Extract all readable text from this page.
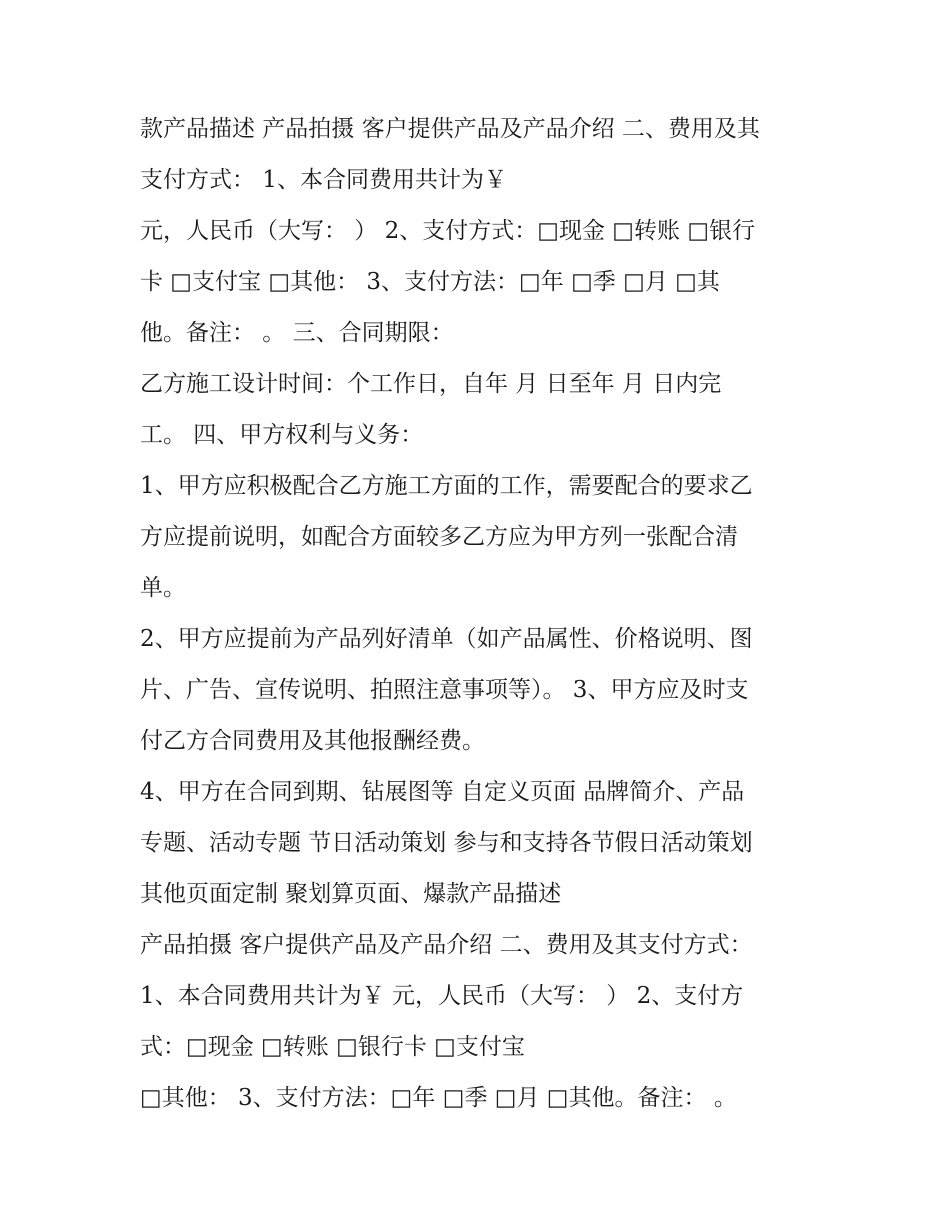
款产品描述 产品拍摄 客户提供产品及产品介绍 二、费用及其
支付方式： 1、本合同费用共计为￥
元，人民币（大写： ） 2、支付方式：□现金 □转账 □银行
卡 □支付宝 □其他： 3、支付方法：□年 □季 □月 □其
他。备注： 。 三、合同期限：
乙方施工设计时间：个工作日，自年 月 日至年 月 日内完
工。 四、甲方权利与义务：
1、甲方应积极配合乙方施工方面的工作，需要配合的要求乙
方应提前说明，如配合方面较多乙方应为甲方列一张配合清
单。
2、甲方应提前为产品列好清单（如产品属性、价格说明、图
片、广告、宣传说明、拍照注意事项等）。 3、甲方应及时支
付乙方合同费用及其他报酬经费。
4、甲方在合同到期、钻展图等 自定义页面 品牌简介、产品
专题、活动专题 节日活动策划 参与和支持各节假日活动策划
其他页面定制 聚划算页面、爆款产品描述
产品拍摄 客户提供产品及产品介绍 二、费用及其支付方式：
1、本合同费用共计为￥ 元，人民币（大写： ） 2、支付方
式：□现金 □转账 □银行卡 □支付宝
□其他： 3、支付方法：□年 □季 □月 □其他。备注： 。
